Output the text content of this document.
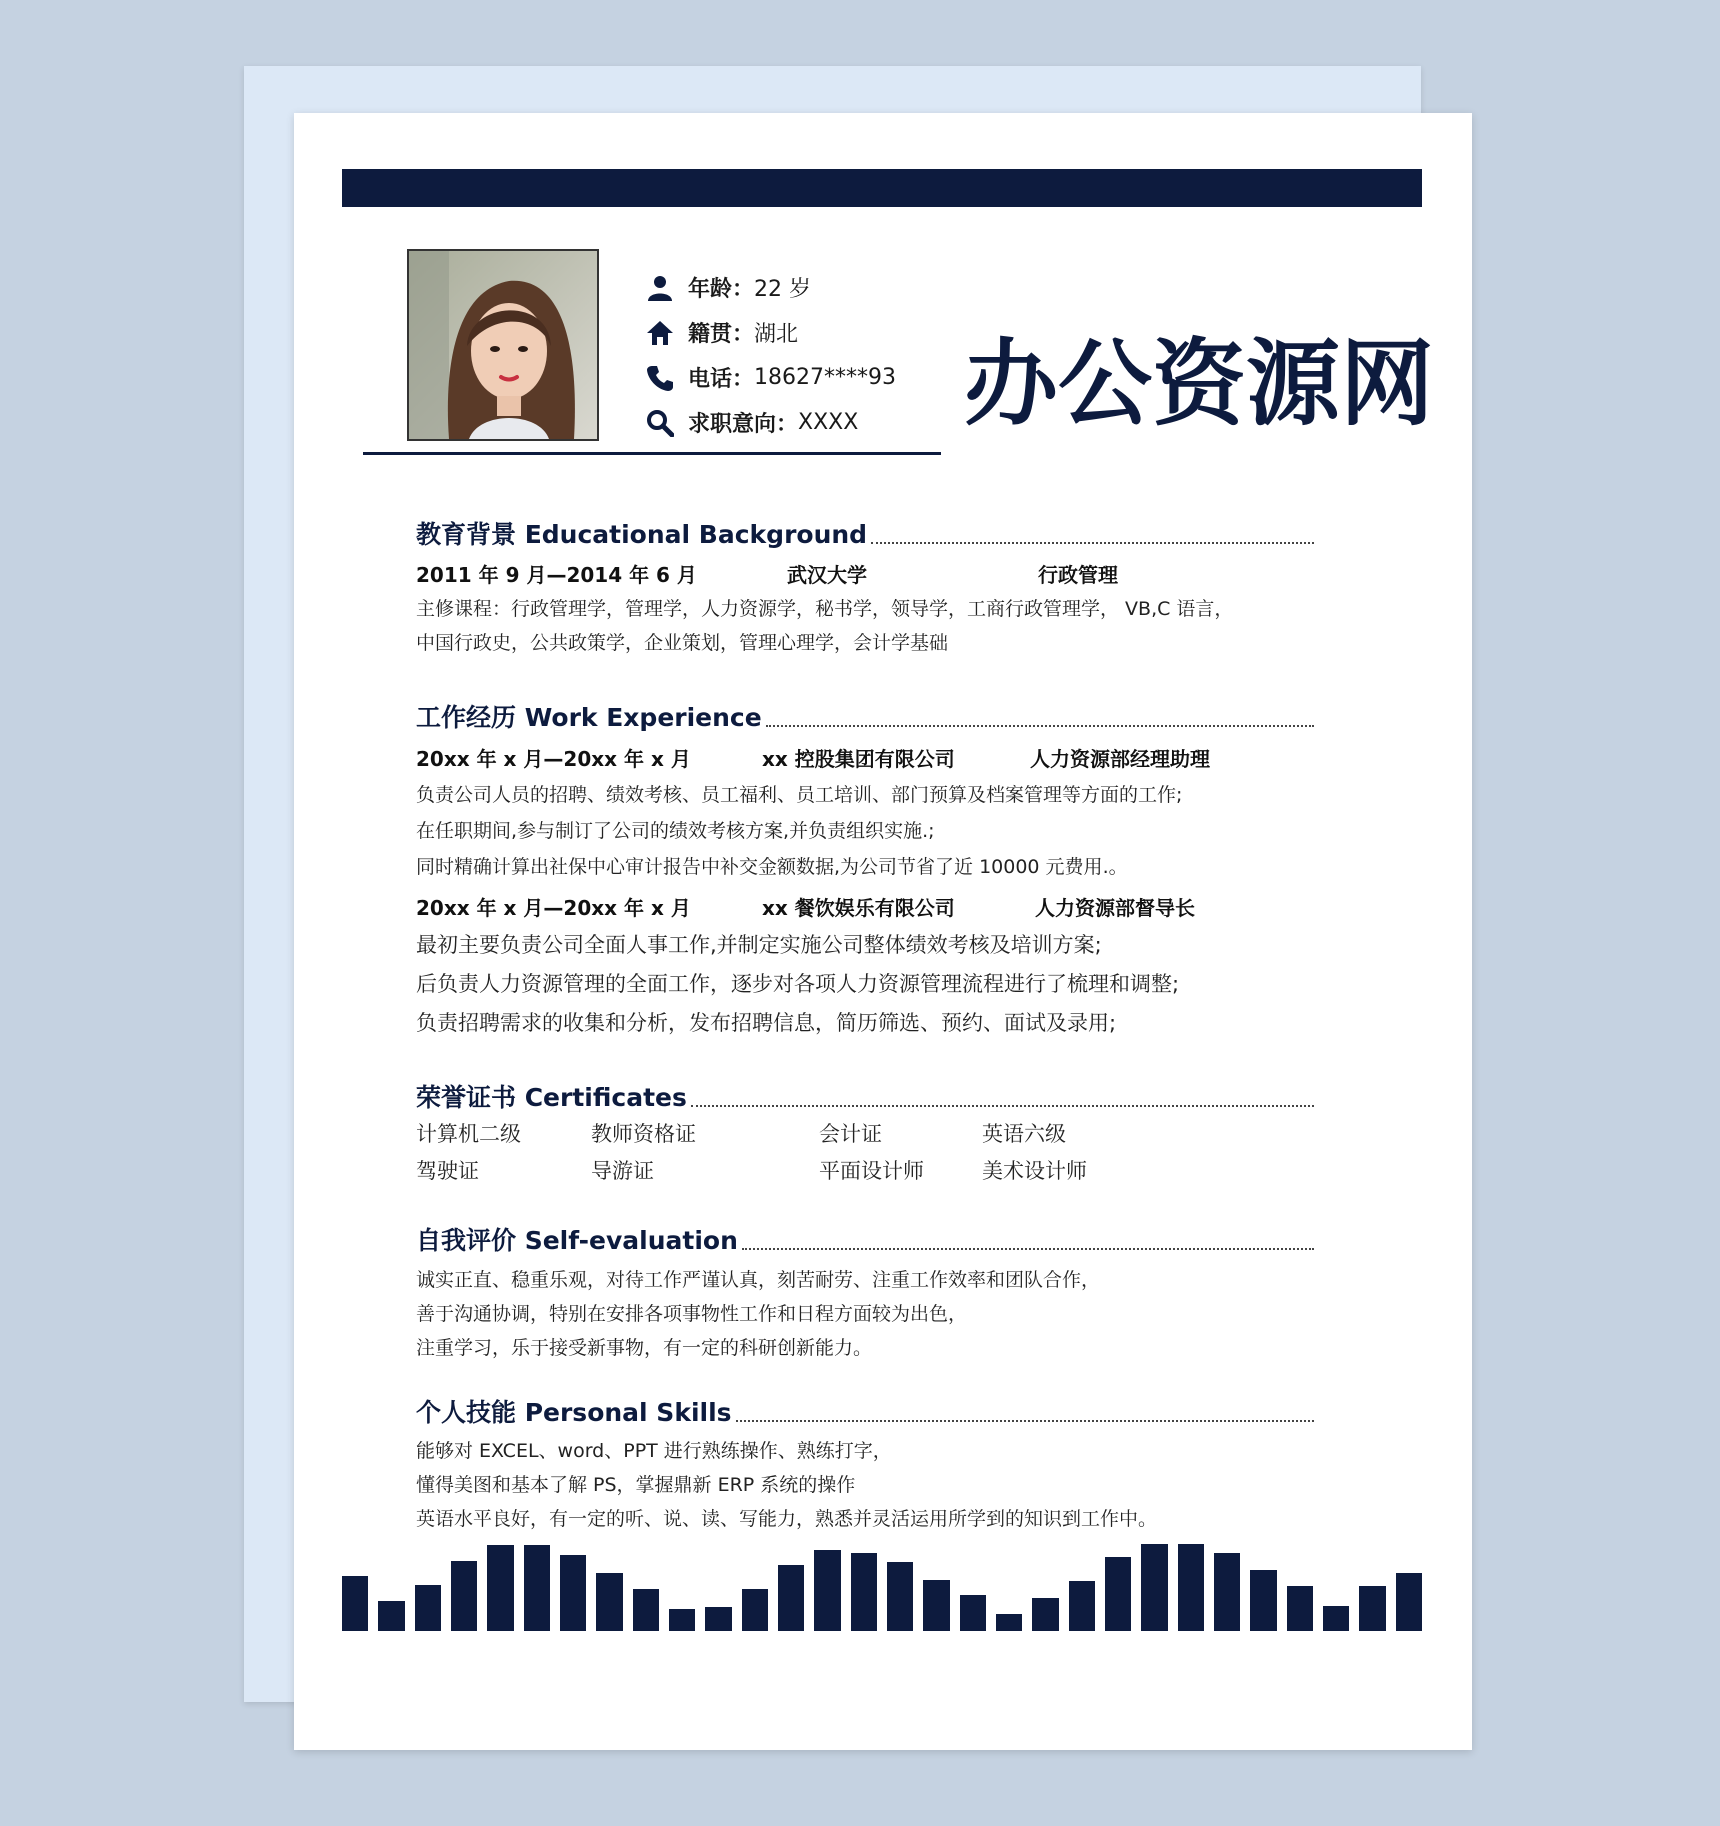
年龄： 22 岁
籍贯： 湖北
电话： 18627****93
求职意向： XXXX 办公资源网
教育背景 Educational Background
2011 年 9 月—2014 年 6 月	武汉大学	行政管理
主修课程：行政管理学，管理学，人力资源学，秘书学，领导学，工商行政管理学， VB,C 语言，
中国行政史，公共政策学，企业策划，管理心理学，会计学基础
工作经历 Work Experience
20xx 年 x 月—20xx 年 x 月	xx 控股集团有限公司	人力资源部经理助理
负责公司人员的招聘、绩效考核、员工福利、员工培训、部门预算及档案管理等方面的工作;
在任职期间,参与制订了公司的绩效考核方案,并负责组织实施.;
同时精确计算出社保中心审计报告中补交金额数据,为公司节省了近 10000 元费用.。
20xx 年 x 月—20xx 年 x 月	xx 餐饮娱乐有限公司	人力资源部督导长
最初主要负责公司全面人事工作,并制定实施公司整体绩效考核及培训方案;
后负责人力资源管理的全面工作，逐步对各项人力资源管理流程进行了梳理和调整;
负责招聘需求的收集和分析，发布招聘信息，简历筛选、预约、面试及录用;
荣誉证书 Certificates
计算机二级	教师资格证	会计证	英语六级
驾驶证	导游证	平面设计师	美术设计师
自我评价 Self-evaluation
诚实正直、稳重乐观，对待工作严谨认真，刻苦耐劳、注重工作效率和团队合作，
善于沟通协调，特别在安排各项事物性工作和日程方面较为出色，
注重学习，乐于接受新事物，有一定的科研创新能力。
个人技能 Personal Skills
能够对 EXCEL、word、PPT 进行熟练操作、熟练打字，
懂得美图和基本了解 PS，掌握鼎新 ERP 系统的操作
英语水平良好，有一定的听、说、读、写能力，熟悉并灵活运用所学到的知识到工作中。
